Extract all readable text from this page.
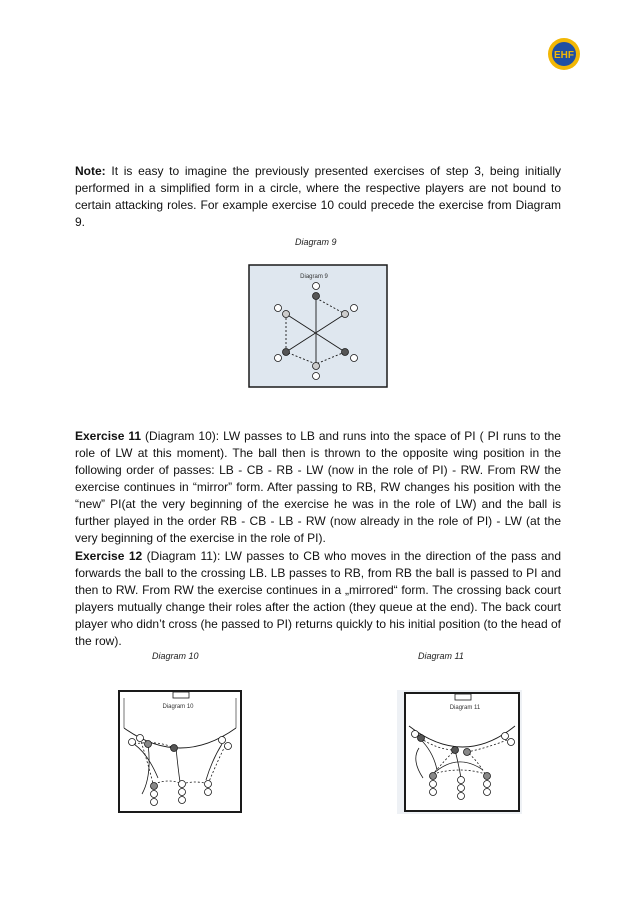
EHF

Note: It is easy to imagine the previously presented exercises of step 3, being initially performed in a simplified form in a circle, where the respective players are not bound to certain attacking roles. For example exercise 10 could precede the exercise from Diagram 9.

Diagram 9
Diagram 9

Exercise 11 (Diagram 10): LW passes to LB and runs into the space of PI ( PI runs to the role of LW at this moment). The ball then is thrown to the opposite wing position in the following order of passes: LB - CB - RB - LW (now in the role of PI) - RW. From RW the exercise continues in “mirror” form. After passing to RB, RW changes his position with the “new” PI(at the very beginning of the exercise he was in the role of LW) and the ball is further played in the order RB - CB - LB - RW (now already in the role of PI) - LW (at the very beginning of the exercise in the role of PI).

Exercise 12 (Diagram 11): LW passes to CB who moves in the direction of the pass and forwards the ball to the crossing LB. LB passes to RB, from RB the ball is passed to PI and then to RW. From RW the exercise continues in a „mirrored“ form. The crossing back court players mutually change their roles after the action (they queue at the end). The back court player who didn’t cross (he passed to PI) returns quickly to his initial position (to the head of the row).

Diagram 10	Diagram 11
Diagram 10	Diagram 11
